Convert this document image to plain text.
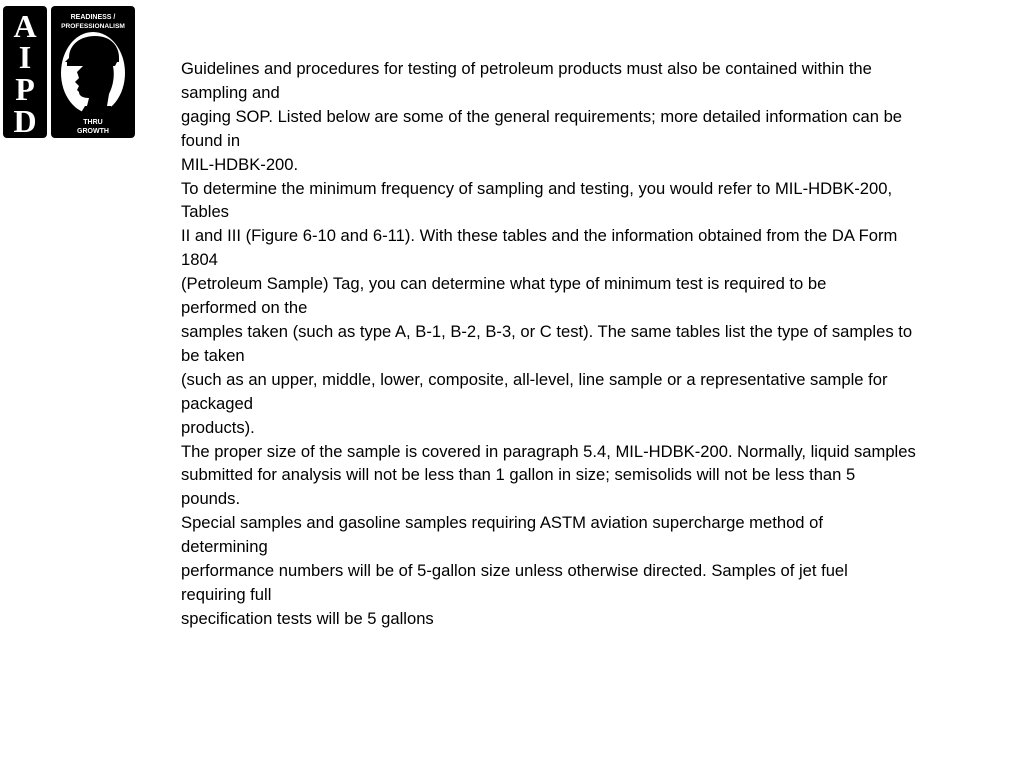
A
I
P
D
READINESS /
PROFESSIONALISM
THRU
GROWTH
Guidelines and procedures for testing of petroleum products must also be contained within the
sampling and
gaging SOP. Listed below are some of the general requirements; more detailed information can be
found in
MIL-HDBK-200.
To determine the minimum frequency of sampling and testing, you would refer to MIL-HDBK-200,
Tables
II and III (Figure 6-10 and 6-11). With these tables and the information obtained from the DA Form
1804
(Petroleum Sample) Tag, you can determine what type of minimum test is required to be
performed on the
samples taken (such as type A, B-1, B-2, B-3, or C test). The same tables list the type of samples to
be taken
(such as an upper, middle, lower, composite, all-level, line sample or a representative sample for
packaged
products).
The proper size of the sample is covered in paragraph 5.4, MIL-HDBK-200. Normally, liquid samples
submitted for analysis will not be less than 1 gallon in size; semisolids will not be less than 5
pounds.
Special samples and gasoline samples requiring ASTM aviation supercharge method of
determining
performance numbers will be of 5-gallon size unless otherwise directed. Samples of jet fuel
requiring full
specification tests will be 5 gallons
